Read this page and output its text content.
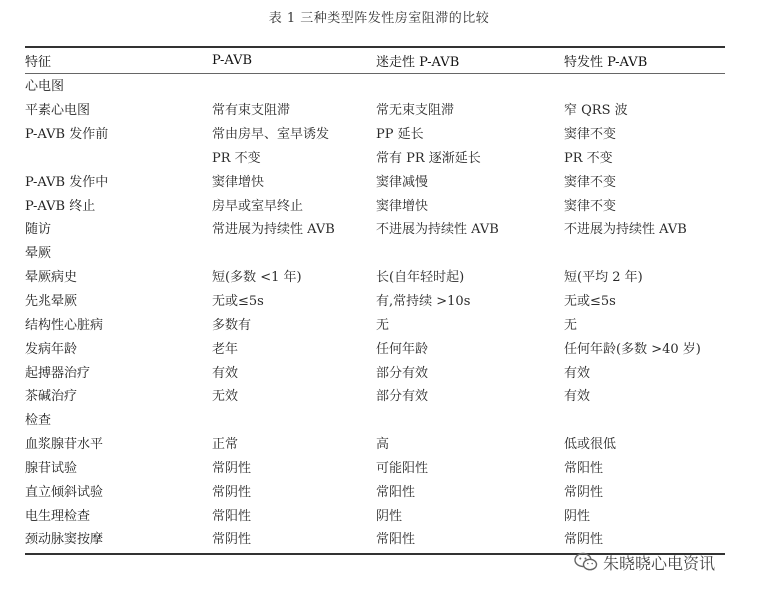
表 1 三种类型阵发性房室阻滞的比较
特征	P-AVB	迷走性 P-AVB	特发性 P-AVB
心电图			
平素心电图	常有束支阻滞	常无束支阻滞	窄 QRS 波
P-AVB 发作前	常由房早、室早诱发	PP 延长	窦律不变
	PR 不变	常有 PR 逐渐延长	PR 不变
P-AVB 发作中	窦律增快	窦律减慢	窦律不变
P-AVB 终止	房早或室早终止	窦律增快	窦律不变
随访	常进展为持续性 AVB	不进展为持续性 AVB	不进展为持续性 AVB
晕厥			
晕厥病史	短(多数 <1 年)	长(自年轻时起)	短(平均 2 年)
先兆晕厥	无或≤5s	有,常持续 >10s	无或≤5s
结构性心脏病	多数有	无	无
发病年龄	老年	任何年龄	任何年龄(多数 >40 岁)
起搏器治疗	有效	部分有效	有效
茶碱治疗	无效	部分有效	有效
检查			
血浆腺苷水平	正常	高	低或很低
腺苷试验	常阴性	可能阳性	常阳性
直立倾斜试验	常阴性	常阳性	常阴性
电生理检查	常阳性	阴性	阴性
颈动脉窦按摩	常阴性	常阳性	常阴性
朱晓晓心电资讯
